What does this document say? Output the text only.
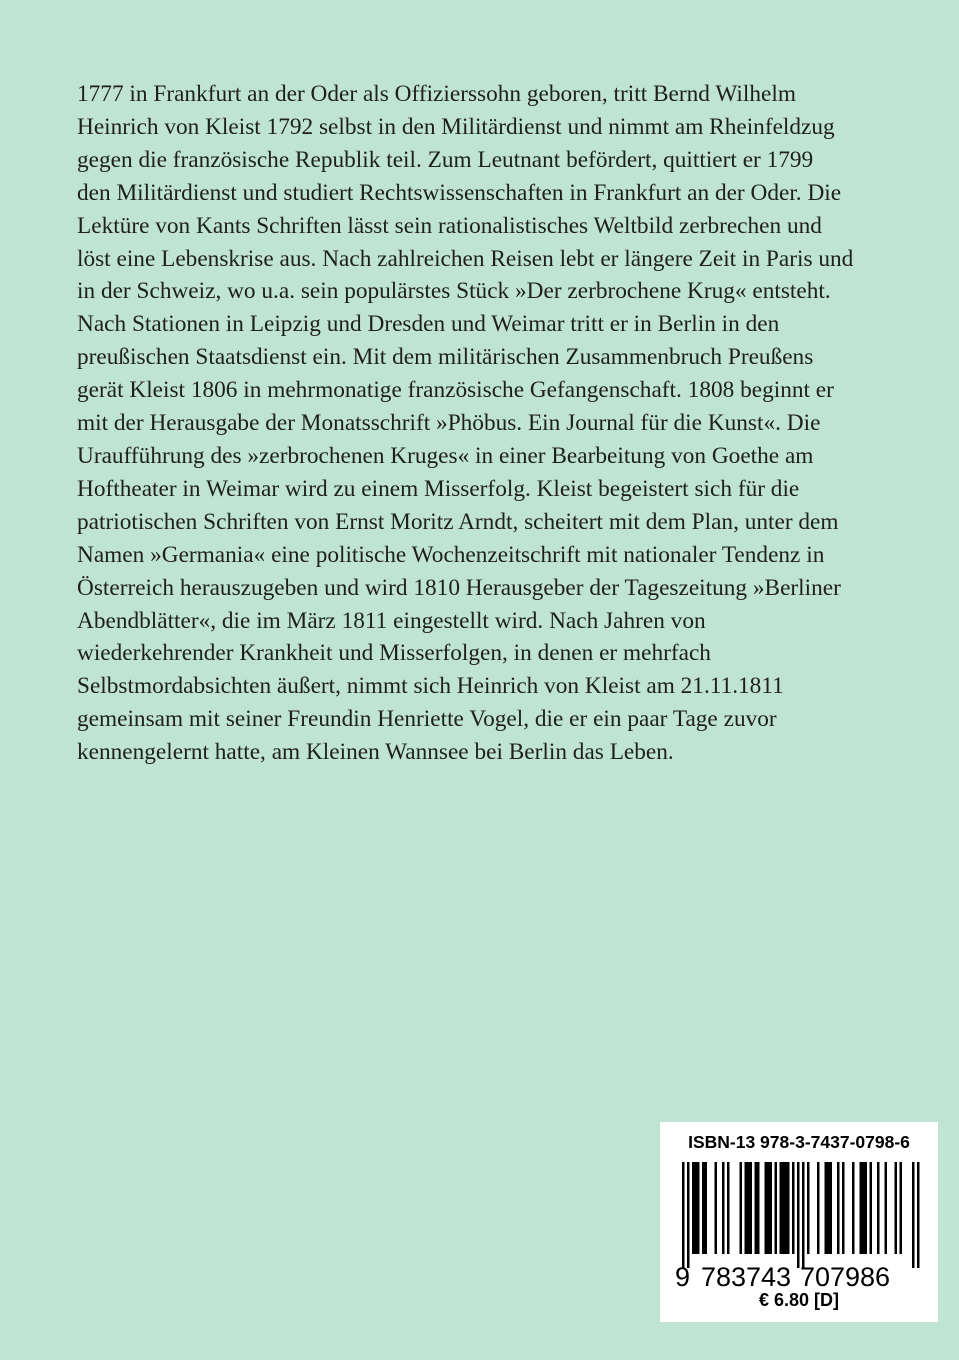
1777 in Frankfurt an der Oder als Offizierssohn geboren, tritt Bernd Wilhelm
Heinrich von Kleist 1792 selbst in den Militärdienst und nimmt am Rheinfeldzug
gegen die französische Republik teil. Zum Leutnant befördert, quittiert er 1799
den Militärdienst und studiert Rechtswissenschaften in Frankfurt an der Oder. Die
Lektüre von Kants Schriften lässt sein rationalistisches Weltbild zerbrechen und
löst eine Lebenskrise aus. Nach zahlreichen Reisen lebt er längere Zeit in Paris und
in der Schweiz, wo u.a. sein populärstes Stück »Der zerbrochene Krug« entsteht.
Nach Stationen in Leipzig und Dresden und Weimar tritt er in Berlin in den
preußischen Staatsdienst ein. Mit dem militärischen Zusammenbruch Preußens
gerät Kleist 1806 in mehrmonatige französische Gefangenschaft. 1808 beginnt er
mit der Herausgabe der Monatsschrift »Phöbus. Ein Journal für die Kunst«. Die
Uraufführung des »zerbrochenen Kruges« in einer Bearbeitung von Goethe am
Hoftheater in Weimar wird zu einem Misserfolg. Kleist begeistert sich für die
patriotischen Schriften von Ernst Moritz Arndt, scheitert mit dem Plan, unter dem
Namen »Germania« eine politische Wochenzeitschrift mit nationaler Tendenz in
Österreich herauszugeben und wird 1810 Herausgeber der Tageszeitung »Berliner
Abendblätter«, die im März 1811 eingestellt wird. Nach Jahren von
wiederkehrender Krankheit und Misserfolgen, in denen er mehrfach
Selbstmordabsichten äußert, nimmt sich Heinrich von Kleist am 21.11.1811
gemeinsam mit seiner Freundin Henriette Vogel, die er ein paar Tage zuvor
kennengelernt hatte, am Kleinen Wannsee bei Berlin das Leben.

ISBN-13 978-3-7437-0798-6
9 783743 707986
€ 6.80 [D]
